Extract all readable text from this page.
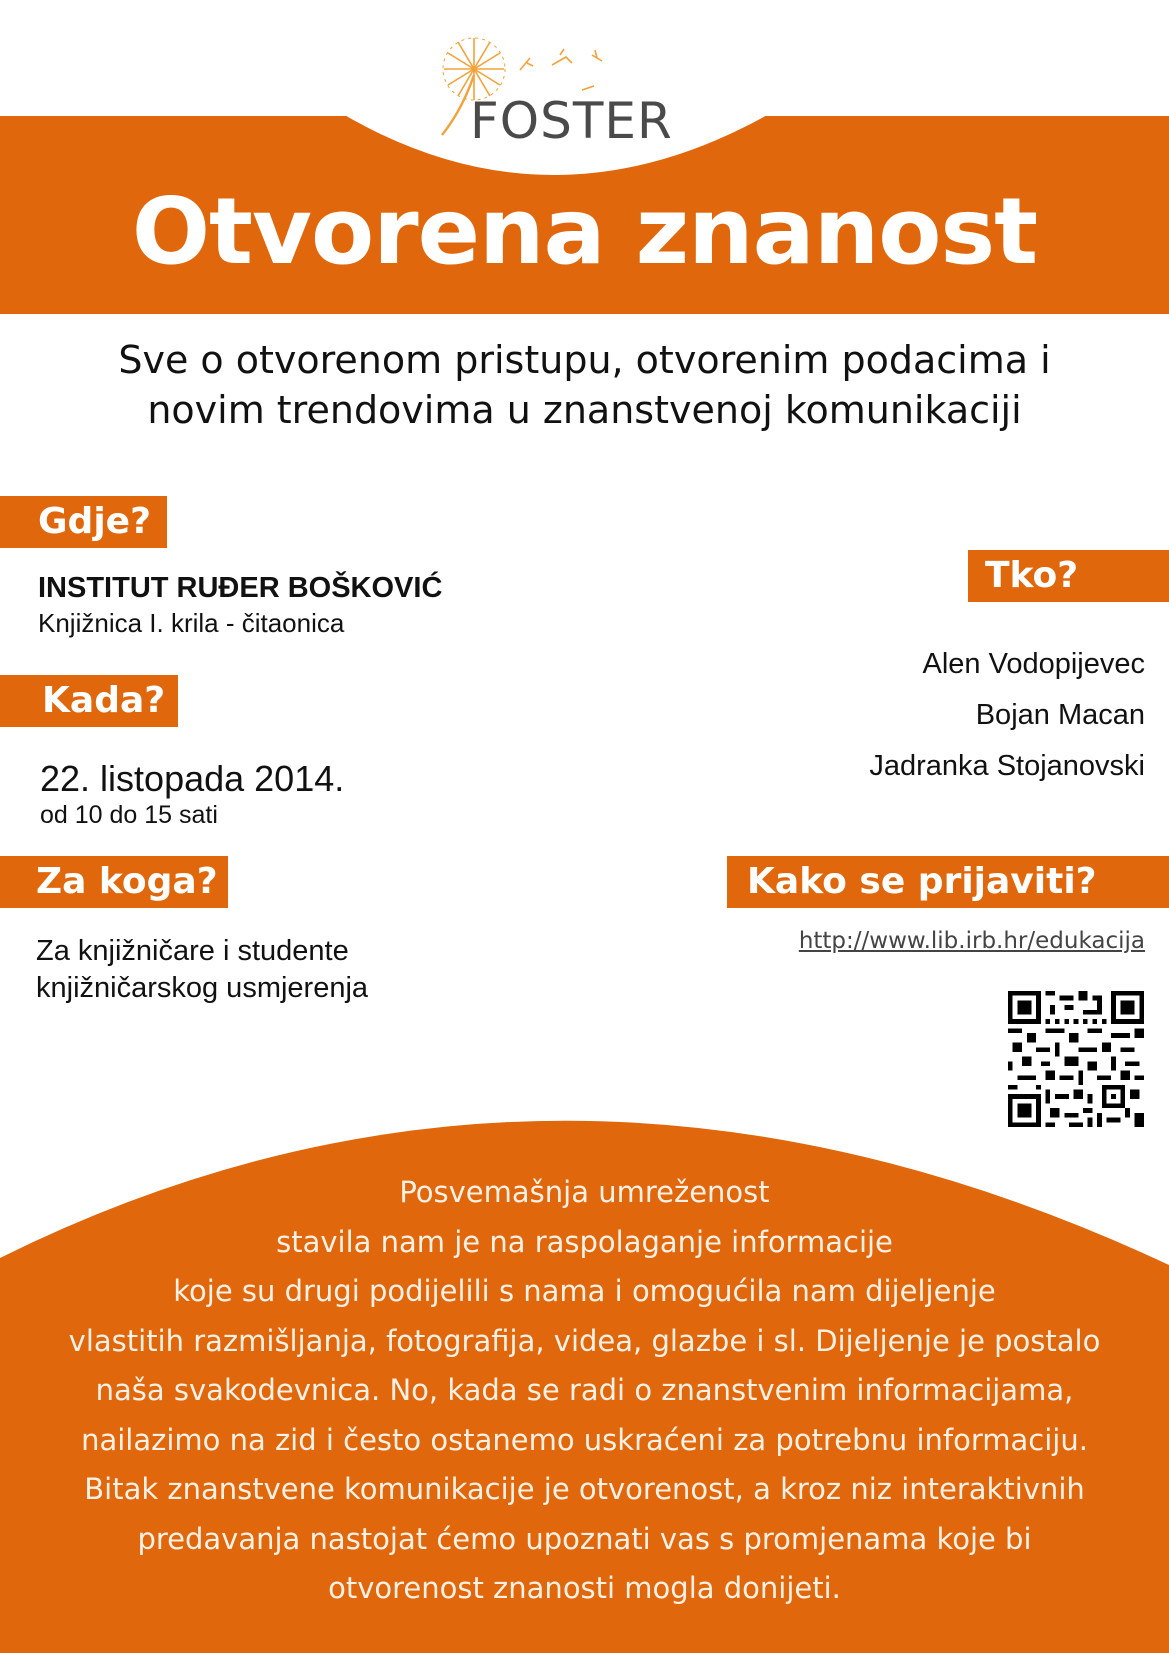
FOSTER
Otvorena znanost
Sve o otvorenom pristupu, otvorenim podacima i
novim trendovima u znanstvenoj komunikaciji
Gdje?
INSTITUT RUĐER BOŠKOVIĆ
Knjižnica I. krila - čitaonica
Kada?
22. listopada 2014.
od 10 do 15 sati
Za koga?
Za knjižničare i studente
knjižničarskog usmjerenja
Tko?
Alen Vodopijevec
Bojan Macan
Jadranka Stojanovski
Kako se prijaviti?
http://www.lib.irb.hr/edukacija
Posvemašnja umreženost
stavila nam je na raspolaganje informacije
koje su drugi podijelili s nama i omogućila nam dijeljenje
vlastitih razmišljanja, fotografija, videa, glazbe i sl. Dijeljenje je postalo
naša svakodevnica. No, kada se radi o znanstvenim informacijama,
nailazimo na zid i često ostanemo uskraćeni za potrebnu informaciju.
Bitak znanstvene komunikacije je otvorenost, a kroz niz interaktivnih
predavanja nastojat ćemo upoznati vas s promjenama koje bi
otvorenost znanosti mogla donijeti.
